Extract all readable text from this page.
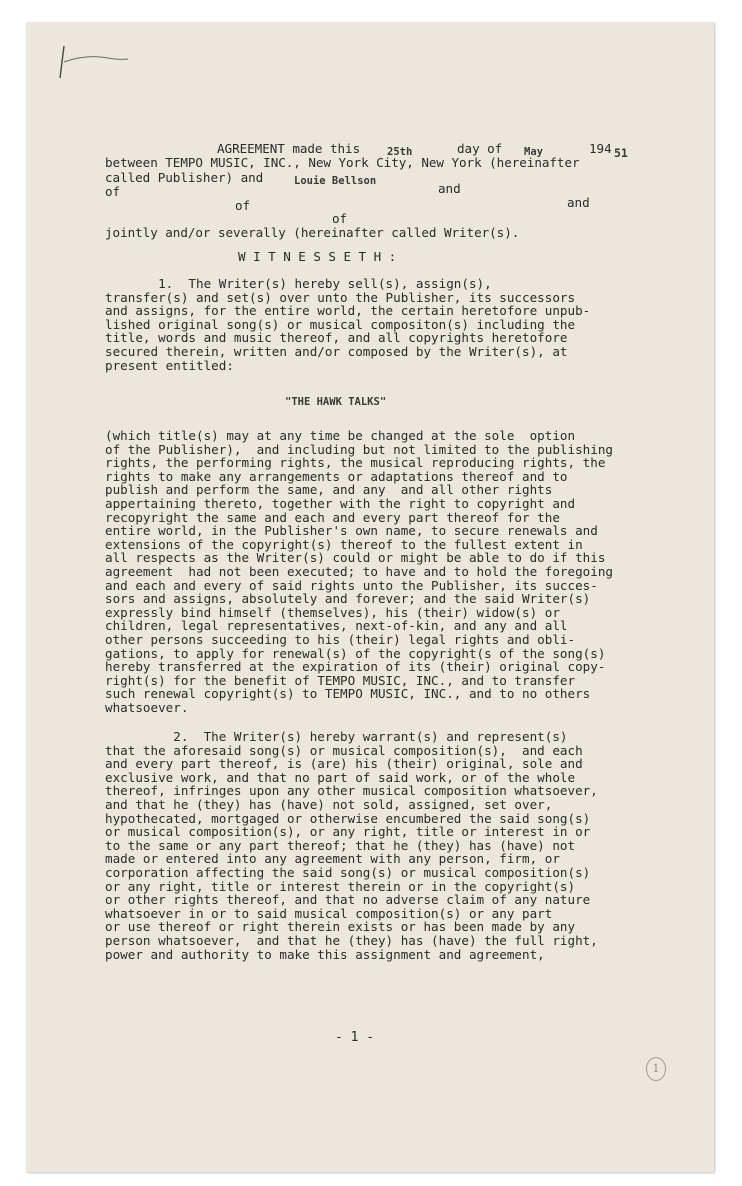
AGREEMENT made this	25th	day of May	194 51
between TEMPO MUSIC, INC., New York City, New York (hereinafter
called Publisher) and	Louie Bellson
of	and
of	and
of
jointly and/or severally (hereinafter called Writer(s).
W I T N E S S E T H :
1.  The Writer(s) hereby sell(s), assign(s),
transfer(s) and set(s) over unto the Publisher, its successors
and assigns, for the entire world, the certain heretofore unpub-
lished original song(s) or musical compositon(s) including the
title, words and music thereof, and all copyrights heretofore
secured therein, written and/or composed by the Writer(s), at
present entitled:
"THE HAWK TALKS"
(which title(s) may at any time be changed at the sole  option
of the Publisher),  and including but not limited to the publishing
rights, the performing rights, the musical reproducing rights, the
rights to make any arrangements or adaptations thereof and to
publish and perform the same, and any  and all other rights
appertaining thereto, together with the right to copyright and
recopyright the same and each and every part thereof for the
entire world, in the Publisher's own name, to secure renewals and
extensions of the copyright(s) thereof to the fullest extent in
all respects as the Writer(s) could or might be able to do if this
agreement  had not been executed; to have and to hold the foregoing
and each and every of said rights unto the Publisher, its succes-
sors and assigns, absolutely and forever; and the said Writer(s)
expressly bind himself (themselves), his (their) widow(s) or
children, legal representatives, next-of-kin, and any and all
other persons succeeding to his (their) legal rights and obli-
gations, to apply for renewal(s) of the copyright(s of the song(s)
hereby transferred at the expiration of its (their) original copy-
right(s) for the benefit of TEMPO MUSIC, INC., and to transfer
such renewal copyright(s) to TEMPO MUSIC, INC., and to no others
whatsoever.
2.  The Writer(s) hereby warrant(s) and represent(s)
that the aforesaid song(s) or musical composition(s),  and each
and every part thereof, is (are) his (their) original, sole and
exclusive work, and that no part of said work, or of the whole
thereof, infringes upon any other musical composition whatsoever,
and that he (they) has (have) not sold, assigned, set over,
hypothecated, mortgaged or otherwise encumbered the said song(s)
or musical composition(s), or any right, title or interest in or
to the same or any part thereof; that he (they) has (have) not
made or entered into any agreement with any person, firm, or
corporation affecting the said song(s) or musical composition(s)
or any right, title or interest therein or in the copyright(s)
or other rights thereof, and that no adverse claim of any nature
whatsoever in or to said musical composition(s) or any part
or use thereof or right therein exists or has been made by any
person whatsoever,  and that he (they) has (have) the full right,
power and authority to make this assignment and agreement,
- 1 -
1
